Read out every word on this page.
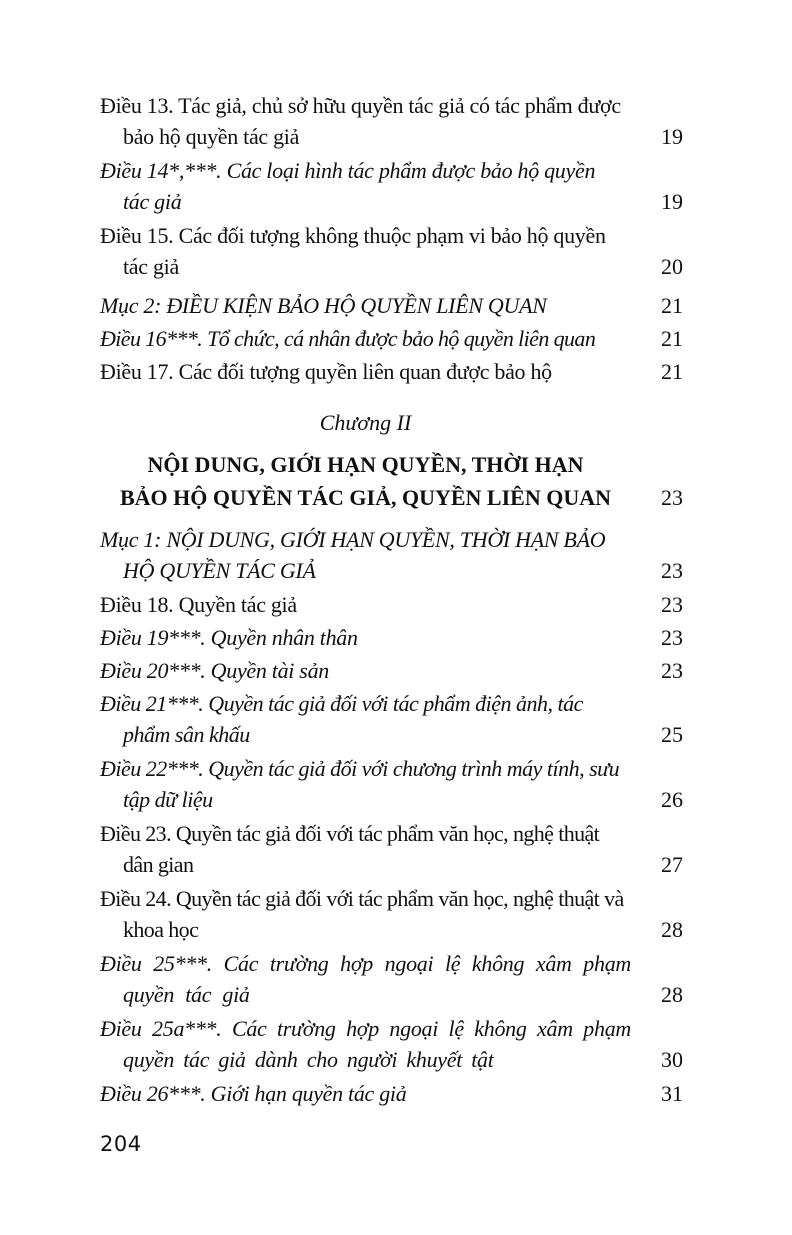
Điều 13. Tác giả, chủ sở hữu quyền tác giả có tác phẩm được bảo hộ quyền tác giả	19
Điều 14*,***. Các loại hình tác phẩm được bảo hộ quyền tác giả	19
Điều 15. Các đối tượng không thuộc phạm vi bảo hộ quyền tác giả	20
Mục 2: ĐIỀU KIỆN BẢO HỘ QUYỀN LIÊN QUAN	21
Điều 16***. Tổ chức, cá nhân được bảo hộ quyền liên quan	21
Điều 17. Các đối tượng quyền liên quan được bảo hộ	21
Chương II
NỘI DUNG, GIỚI HẠN QUYỀN, THỜI HẠN
BẢO HỘ QUYỀN TÁC GIẢ, QUYỀN LIÊN QUAN	23
Mục 1: NỘI DUNG, GIỚI HẠN QUYỀN, THỜI HẠN BẢO HỘ QUYỀN TÁC GIẢ	23
Điều 18. Quyền tác giả	23
Điều 19***. Quyền nhân thân	23
Điều 20***. Quyền tài sản	23
Điều 21***. Quyền tác giả đối với tác phẩm điện ảnh, tác phẩm sân khấu	25
Điều 22***. Quyền tác giả đối với chương trình máy tính, sưu tập dữ liệu	26
Điều 23. Quyền tác giả đối với tác phẩm văn học, nghệ thuật dân gian	27
Điều 24. Quyền tác giả đối với tác phẩm văn học, nghệ thuật và khoa học	28
Điều 25***. Các trường hợp ngoại lệ không xâm phạm quyền tác giả	28
Điều 25a***. Các trường hợp ngoại lệ không xâm phạm quyền tác giả dành cho người khuyết tật	30
Điều 26***. Giới hạn quyền tác giả	31
204
